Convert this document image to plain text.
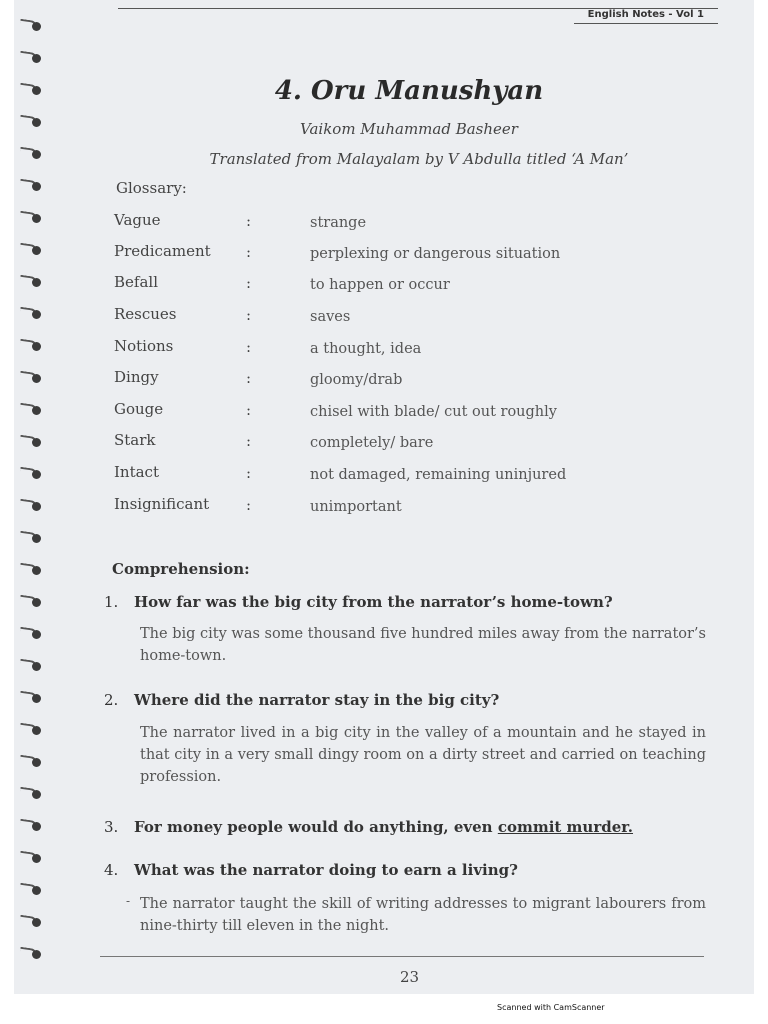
English Notes - Vol 1
4. Oru Manushyan
Vaikom Muhammad Basheer
Translated from Malayalam by V Abdulla titled ‘A Man’
Glossary:
Vague	:	strange
Predicament :	perplexing or dangerous situation
Befall	:	to happen or occur
Rescues	:	saves
Notions	:	a thought, idea
Dingy	:	gloomy/drab
Gouge	:	chisel with blade/ cut out roughly
Stark	:	completely/ bare
Intact	:	not damaged, remaining uninjured
Insignificant :	unimportant
Comprehension:
1. How far was the big city from the narrator’s home-town?
The big city was some thousand five hundred miles away from the narrator’s home-town.
2. Where did the narrator stay in the big city?
The narrator lived in a big city in the valley of a mountain and he stayed in that city in a very small dingy room on a dirty street and carried on teaching profession.
3. For money people would do anything, even commit murder.
4. What was the narrator doing to earn a living?
- The narrator taught the skill of writing addresses to migrant labourers from nine-thirty till eleven in the night.
23
Scanned with CamScanner
